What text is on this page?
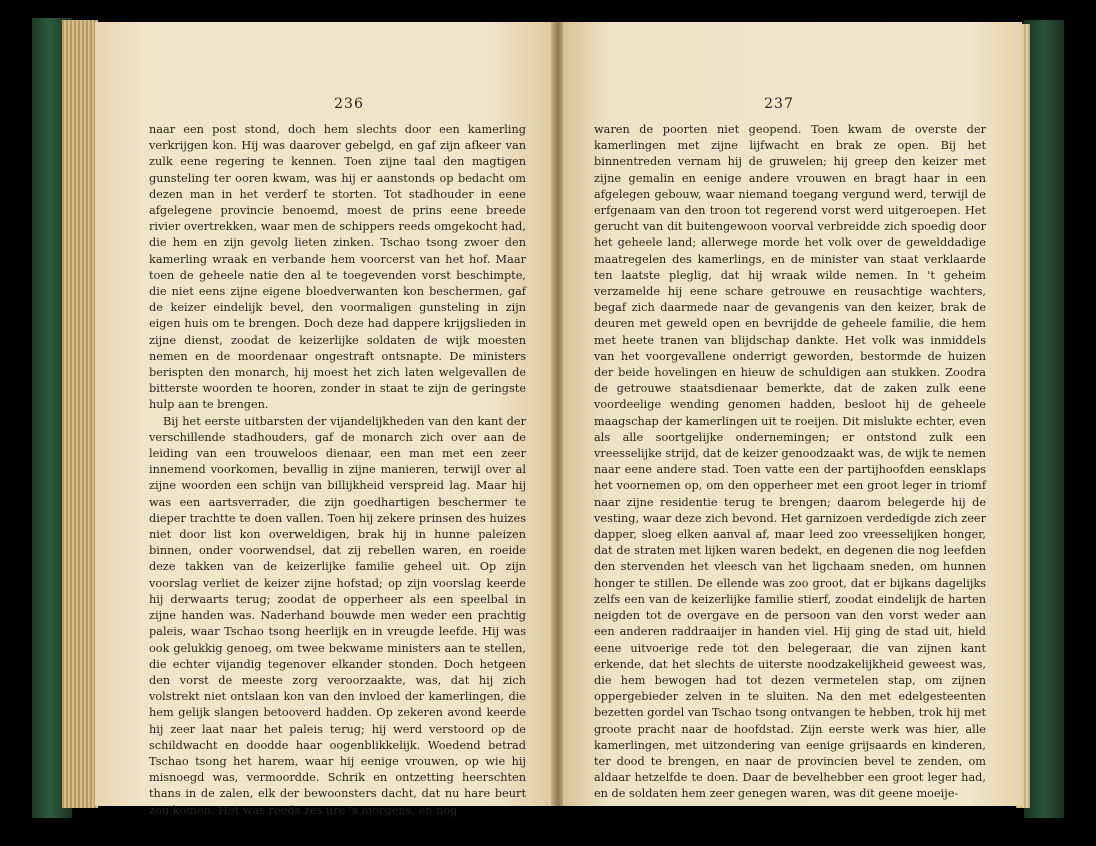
236

naar een post stond, doch hem slechts door een kamerling verkrijgen kon. Hij was daarover gebelgd, en gaf zijn afkeer van zulk eene regering te kennen. Toen zijne taal den magtigen gunsteling ter ooren kwam, was hij er aanstonds op bedacht om dezen man in het verderf te storten. Tot stadhouder in eene afgelegene provincie benoemd, moest de prins eene breede rivier overtrekken, waar men de schippers reeds omgekocht had, die hem en zijn gevolg lieten zinken. Tschao tsong zwoer den kamerling wraak en verbande hem voorcerst van het hof. Maar toen de geheele natie den al te toegevenden vorst beschimpte, die niet eens zijne eigene bloedverwanten kon beschermen, gaf de keizer eindelijk bevel, den voormaligen gunsteling in zijn eigen huis om te brengen. Doch deze had dappere krijgslieden in zijne dienst, zoodat de keizerlijke soldaten de wijk moesten nemen en de moordenaar ongestraft ontsnapte. De ministers berispten den monarch, hij moest het zich laten welgevallen de bitterste woorden te hooren, zonder in staat te zijn de geringste hulp aan te brengen.

Bij het eerste uitbarsten der vijandelijkheden van den kant der verschillende stadhouders, gaf de monarch zich over aan de leiding van een trouweloos dienaar, een man met een zeer innemend voorkomen, bevallig in zijne manieren, terwijl over al zijne woorden een schijn van billijkheid verspreid lag. Maar hij was een aartsverrader, die zijn goedhartigen beschermer te dieper trachtte te doen vallen. Toen hij zekere prinsen des huizes niet door list kon overweldigen, brak hij in hunne paleizen binnen, onder voorwendsel, dat zij rebellen waren, en roeide deze takken van de keizerlijke familie geheel uit. Op zijn voorslag verliet de keizer zijne hofstad; op zijn voorslag keerde hij derwaarts terug; zoodat de opperheer als een speelbal in zijne handen was. Naderhand bouwde men weder een prachtig paleis, waar Tschao tsong heerlijk en in vreugde leefde. Hij was ook gelukkig genoeg, om twee bekwame ministers aan te stellen, die echter vijandig tegenover elkander stonden. Doch hetgeen den vorst de meeste zorg veroorzaakte, was, dat hij zich volstrekt niet ontslaan kon van den invloed der kamerlingen, die hem gelijk slangen betooverd hadden. Op zekeren avond keerde hij zeer laat naar het paleis terug; hij werd verstoord op de schildwacht en doodde haar oogenblikkelijk. Woedend betrad Tschao tsong het harem, waar hij eenige vrouwen, op wie hij misnoegd was, vermoordde. Schrik en ontzetting heerschten thans in de zalen, elk der bewoonsters dacht, dat nu hare beurt zou komen. Het was reeds zes ure 's morgens, en nog

237

waren de poorten niet geopend. Toen kwam de overste der kamerlingen met zijne lijfwacht en brak ze open. Bij het binnentreden vernam hij de gruwelen; hij greep den keizer met zijne gemalin en eenige andere vrouwen en bragt haar in een afgelegen gebouw, waar niemand toegang vergund werd, terwijl de erfgenaam van den troon tot regerend vorst werd uitgeroepen. Het gerucht van dit buitengewoon voorval verbreidde zich spoedig door het geheele land; allerwege morde het volk over de gewelddadige maatregelen des kamerlings, en de minister van staat verklaarde ten laatste pleglig, dat hij wraak wilde nemen. In 't geheim verzamelde hij eene schare getrouwe en reusachtige wachters, begaf zich daarmede naar de gevangenis van den keizer, brak de deuren met geweld open en bevrijdde de geheele familie, die hem met heete tranen van blijdschap dankte. Het volk was inmiddels van het voorgevallene onderrigt geworden, bestormde de huizen der beide hovelingen en hieuw de schuldigen aan stukken. Zoodra de getrouwe staatsdienaar bemerkte, dat de zaken zulk eene voordeelige wending genomen hadden, besloot hij de geheele maagschap der kamerlingen uit te roeijen. Dit mislukte echter, even als alle soortgelijke ondernemingen; er ontstond zulk een vreesselijke strijd, dat de keizer genoodzaakt was, de wijk te nemen naar eene andere stad. Toen vatte een der partijhoofden eensklaps het voornemen op, om den opperheer met een groot leger in triomf naar zijne residentie terug te brengen; daarom belegerde hij de vesting, waar deze zich bevond. Het garnizoen verdedigde zich zeer dapper, sloeg elken aanval af, maar leed zoo vreesselijken honger, dat de straten met lijken waren bedekt, en degenen die nog leefden den stervenden het vleesch van het ligchaam sneden, om hunnen honger te stillen. De ellende was zoo groot, dat er bijkans dagelijks zelfs een van de keizerlijke familie stierf, zoodat eindelijk de harten neigden tot de overgave en de persoon van den vorst weder aan een anderen raddraaijer in handen viel. Hij ging de stad uit, hield eene uitvoerige rede tot den belegeraar, die van zijnen kant erkende, dat het slechts de uiterste noodzakelijkheid geweest was, die hem bewogen had tot dezen vermetelen stap, om zijnen oppergebieder zelven in te sluiten. Na den met edelgesteenten bezetten gordel van Tschao tsong ontvangen te hebben, trok hij met groote pracht naar de hoofdstad. Zijn eerste werk was hier, alle kamerlingen, met uitzondering van eenige grijsaards en kinderen, ter dood te brengen, en naar de provincien bevel te zenden, om aldaar hetzelfde te doen. Daar de bevelhebber een groot leger had, en de soldaten hem zeer genegen waren, was dit geene moeije-
